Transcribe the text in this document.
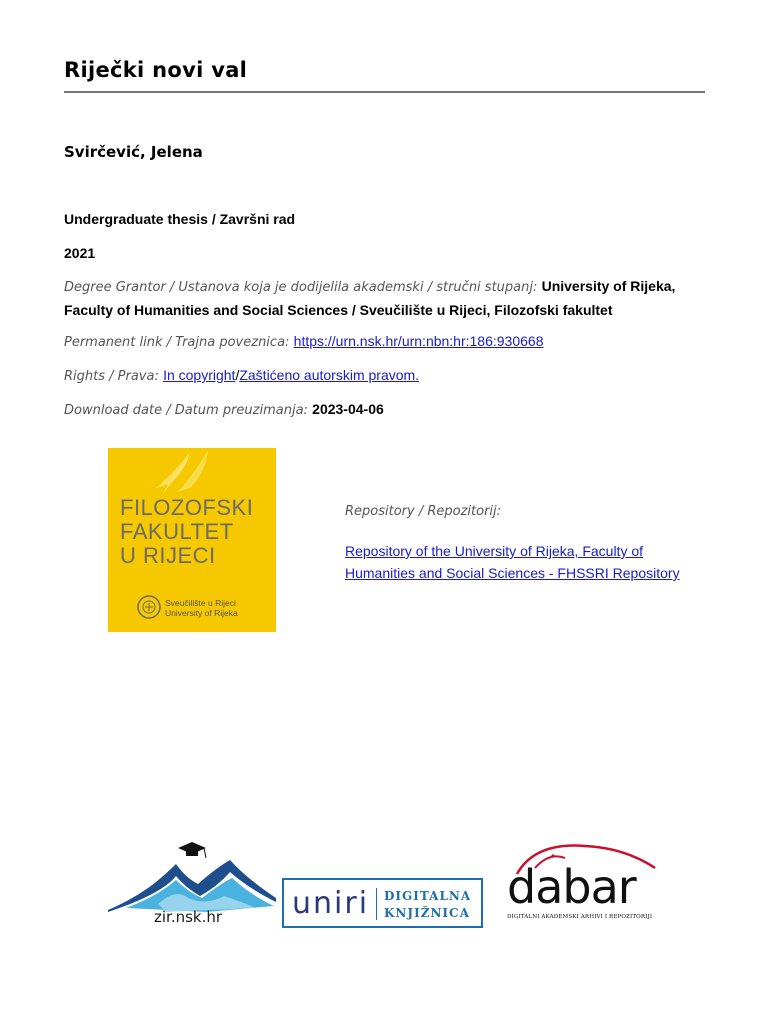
Riječki novi val
Svirčević, Jelena
Undergraduate thesis / Završni rad
2021
Degree Grantor / Ustanova koja je dodijelila akademski / stručni stupanj: University of Rijeka, Faculty of Humanities and Social Sciences / Sveučilište u Rijeci, Filozofski fakultet
Permanent link / Trajna poveznica: https://urn.nsk.hr/urn:nbn:hr:186:930668
Rights / Prava: In copyright/Zaštićeno autorskim pravom.
Download date / Datum preuzimanja: 2023-04-06
FILOZOFSKI
FAKULTET
U RIJECI
Sveučilište u Rijeci
University of Rijeka
Repository / Repozitorij:
Repository of the University of Rijeka, Faculty of
Humanities and Social Sciences - FHSSRI Repository
zir.nsk.hr uniri DIGITALNA
KNJIŽNICA dabar
DIGITALNI AKADEMSKI ARHIVI I REPOZITORIJI
